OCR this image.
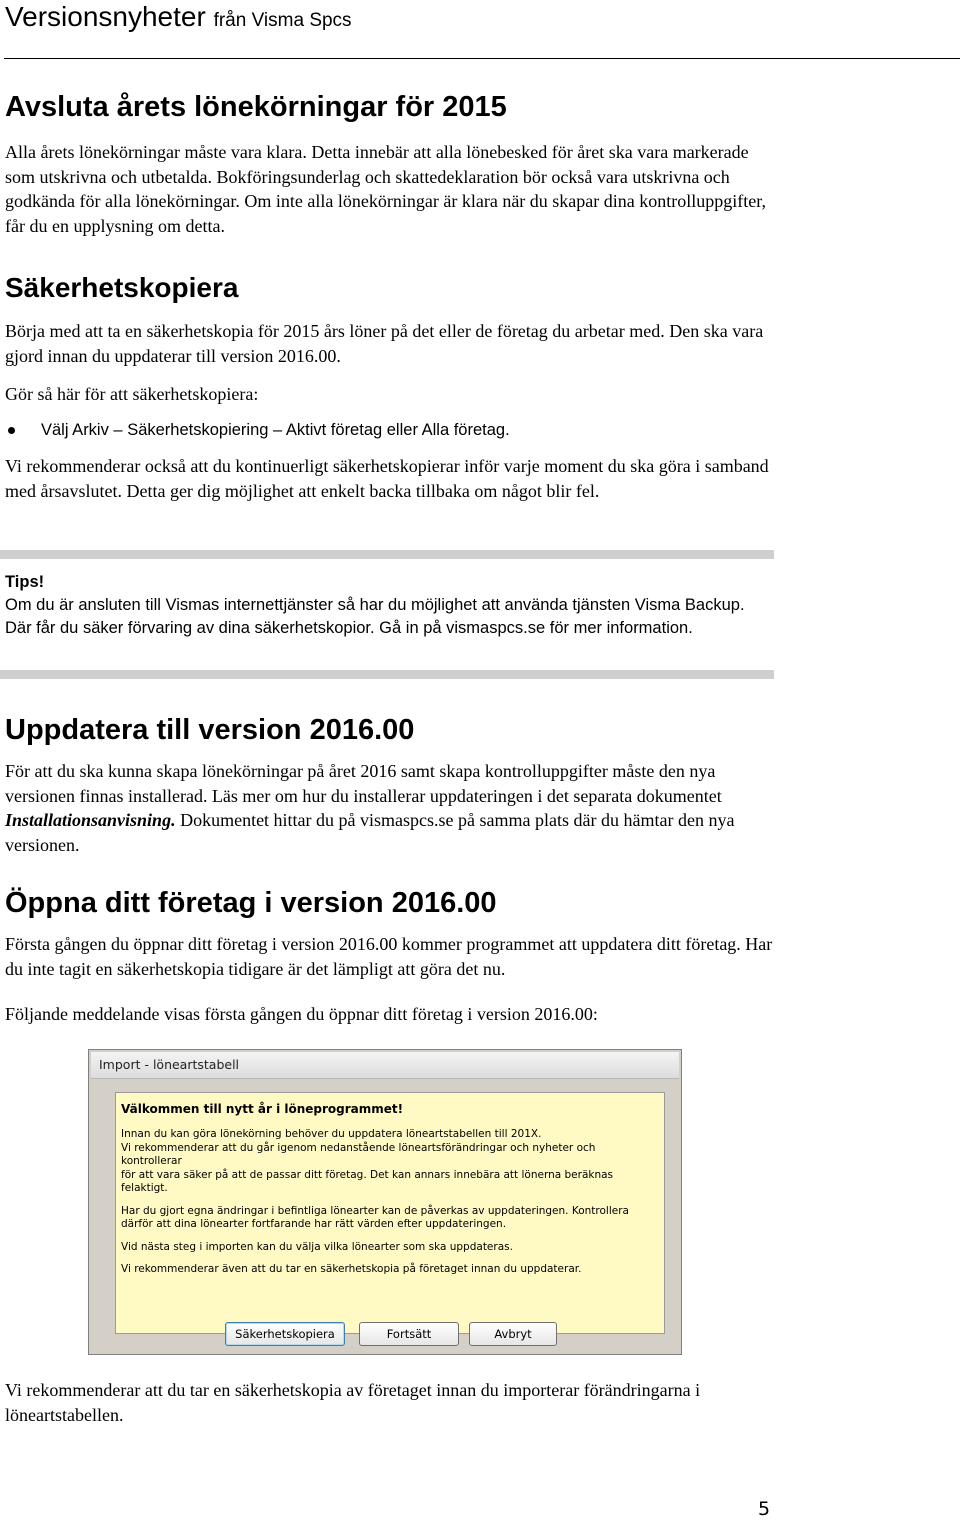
Versionsnyheter från Visma Spcs
Avsluta årets lönekörningar för 2015

Alla årets lönekörningar måste vara klara. Detta innebär att alla lönebesked för året ska vara markerade som utskrivna och utbetalda. Bokföringsunderlag och skattedeklaration bör också vara utskrivna och godkända för alla lönekörningar. Om inte alla lönekörningar är klara när du skapar dina kontrolluppgifter, får du en upplysning om detta.

Säkerhetskopiera

Börja med att ta en säkerhetskopia för 2015 års löner på det eller de företag du arbetar med. Den ska vara gjord innan du uppdaterar till version 2016.00.

Gör så här för att säkerhetskopiera:

Välj Arkiv – Säkerhetskopiering – Aktivt företag eller Alla företag.

Vi rekommenderar också att du kontinuerligt säkerhetskopierar inför varje moment du ska göra i samband med årsavslutet. Detta ger dig möjlighet att enkelt backa tillbaka om något blir fel.

Tips!

Om du är ansluten till Vismas internettjänster så har du möjlighet att använda tjänsten Visma Backup. Där får du säker förvaring av dina säkerhetskopior. Gå in på vismaspcs.se för mer information.

Uppdatera till version 2016.00

För att du ska kunna skapa lönekörningar på året 2016 samt skapa kontrolluppgifter måste den nya versionen finnas installerad. Läs mer om hur du installerar uppdateringen i det separata dokumentet Installationsanvisning. Dokumentet hittar du på vismaspcs.se på samma plats där du hämtar den nya versionen.

Öppna ditt företag i version 2016.00

Första gången du öppnar ditt företag i version 2016.00 kommer programmet att uppdatera ditt företag. Har du inte tagit en säkerhetskopia tidigare är det lämpligt att göra det nu.

Följande meddelande visas första gången du öppnar ditt företag i version 2016.00:

Import - löneartstabell
Välkommen till nytt år i löneprogrammet!

Innan du kan göra lönekörning behöver du uppdatera löneartstabellen till 201X.
Vi rekommenderar att du går igenom nedanstående löneartsförändringar och nyheter och kontrollerar
för att vara säker på att de passar ditt företag. Det kan annars innebära att lönerna beräknas felaktigt.

Har du gjort egna ändringar i befintliga lönearter kan de påverkas av uppdateringen. Kontrollera
därför att dina lönearter fortfarande har rätt värden efter uppdateringen.

Vid nästa steg i importen kan du välja vilka lönearter som ska uppdateras.

Vi rekommenderar även att du tar en säkerhetskopia på företaget innan du uppdaterar.

Säkerhetskopiera	Fortsätt	Avbryt

Vi rekommenderar att du tar en säkerhetskopia av företaget innan du importerar förändringarna i löneartstabellen.

5
